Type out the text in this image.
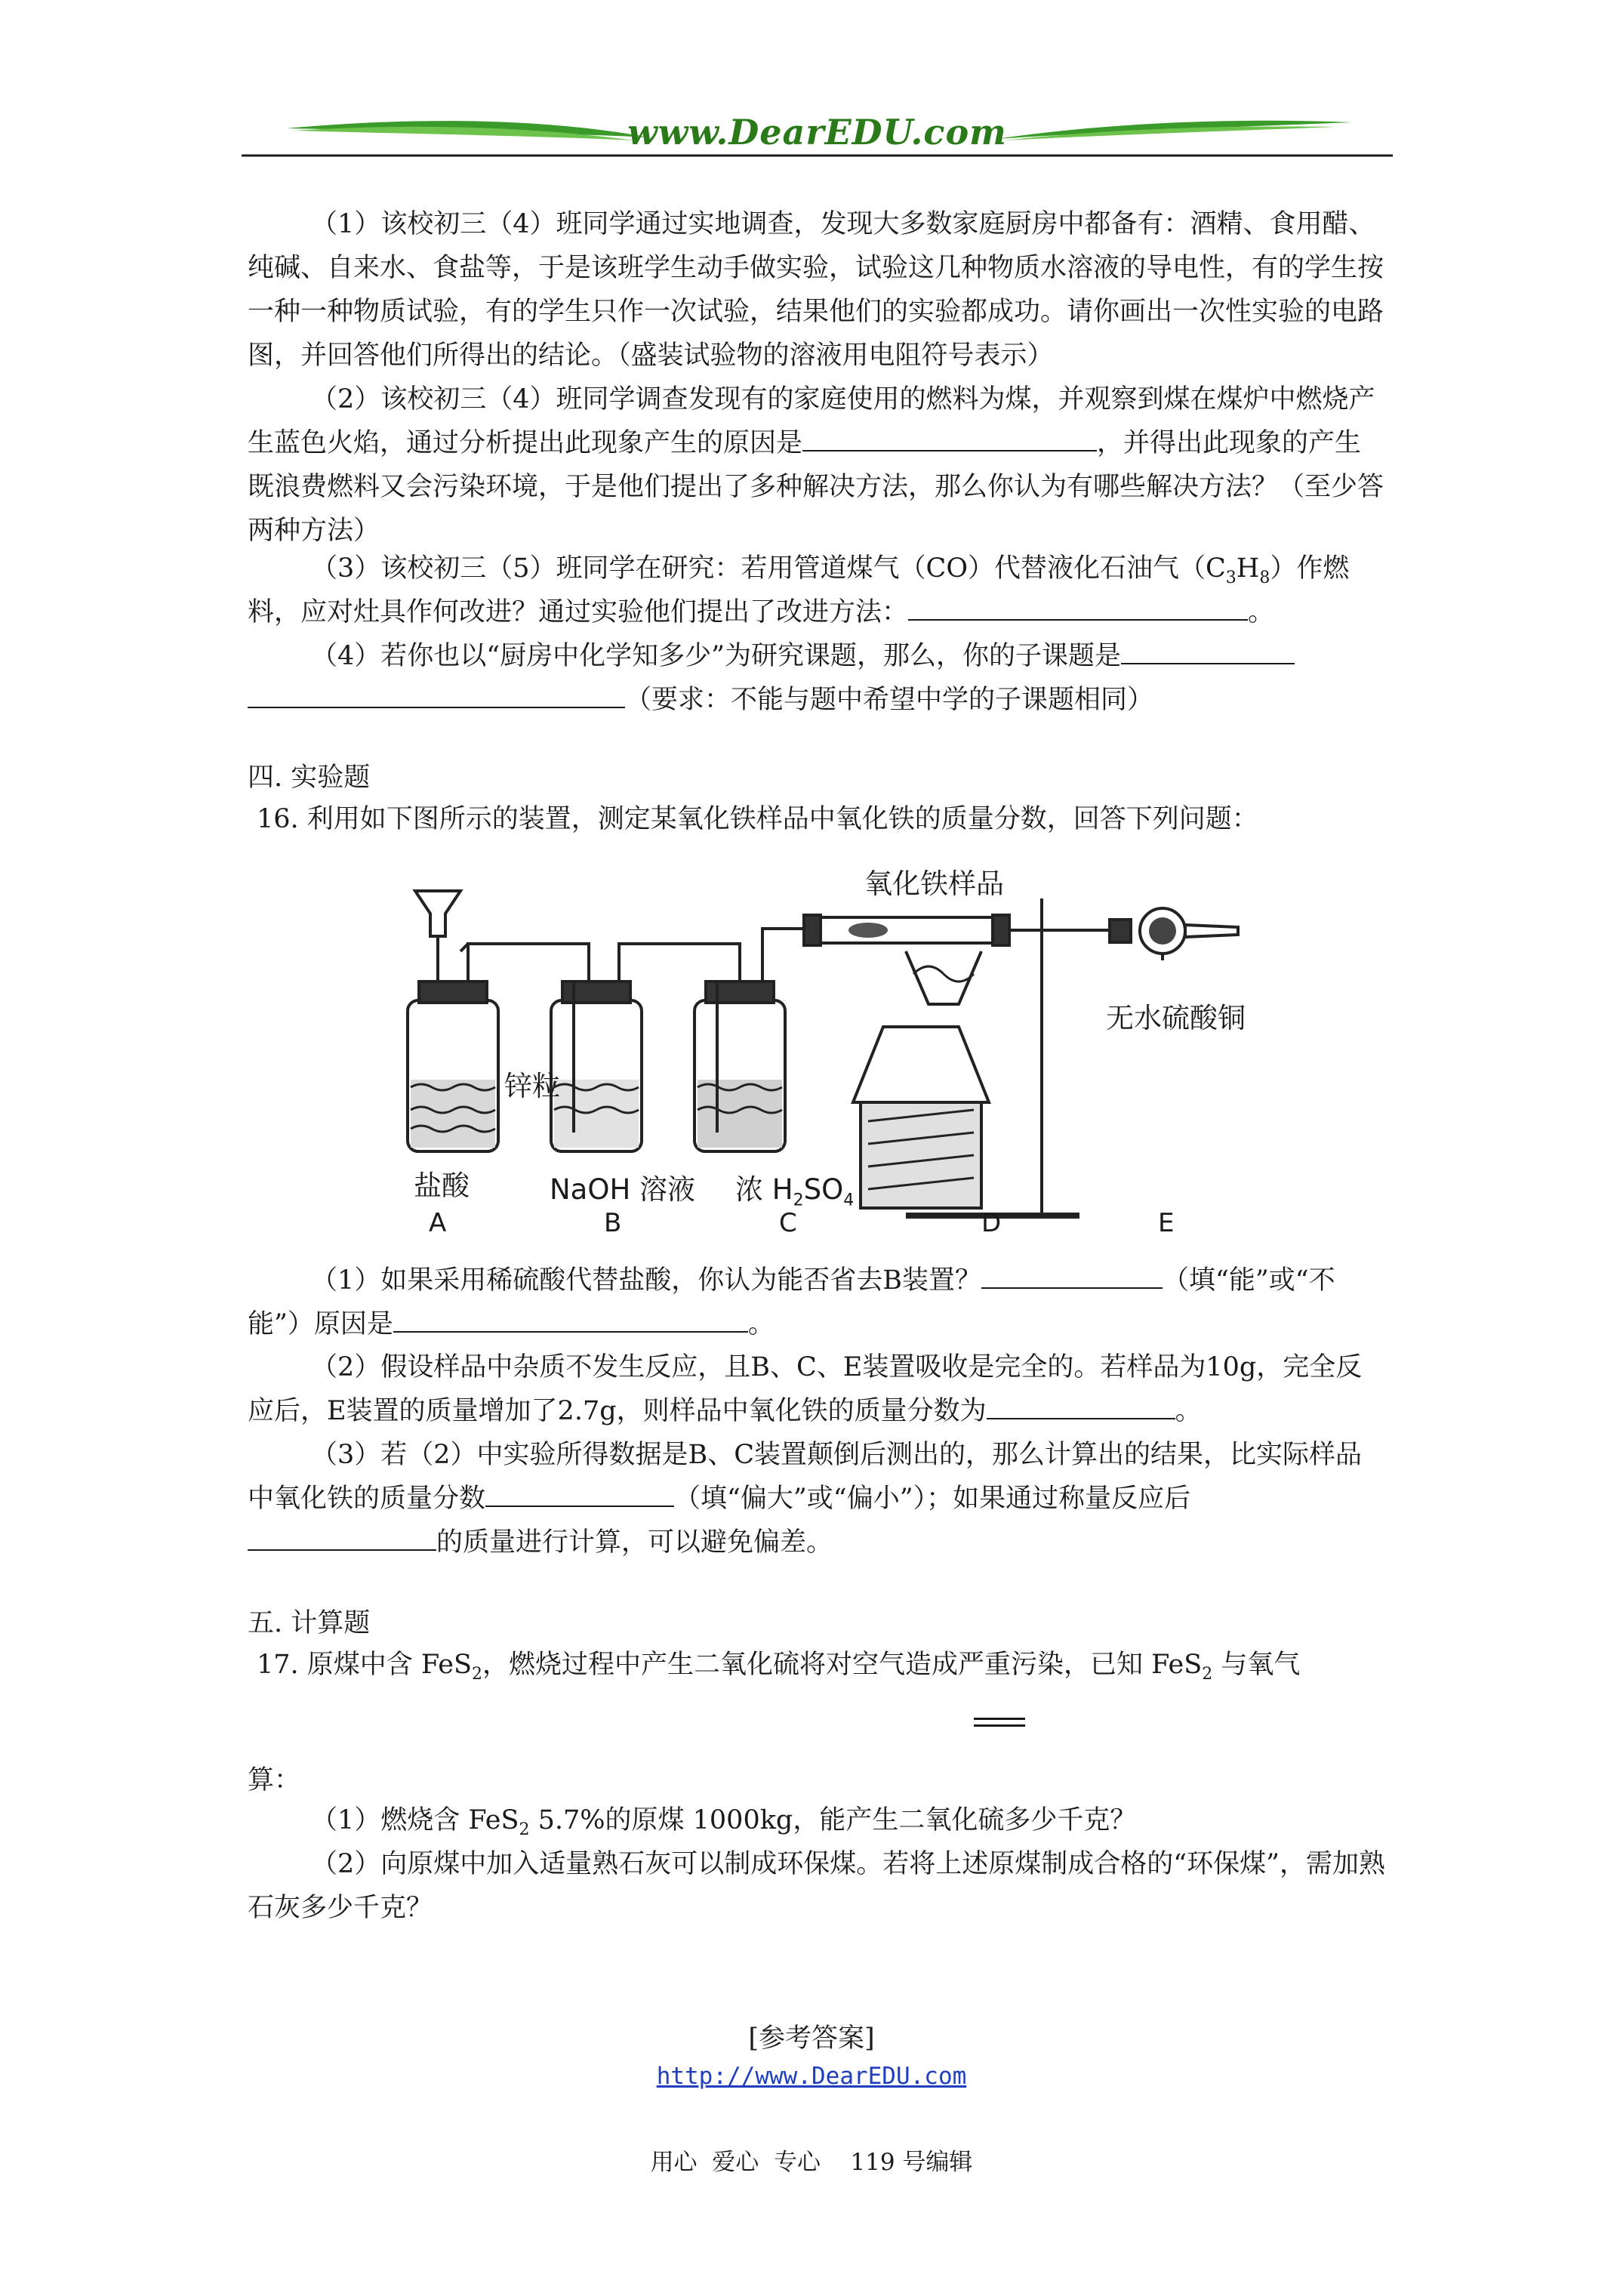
www.DearEDU.com

（1）该校初三（4）班同学通过实地调查，发现大多数家庭厨房中都备有：酒精、食用醋、纯碱、自来水、食盐等，于是该班学生动手做实验，试验这几种物质水溶液的导电性，有的学生按一种一种物质试验，有的学生只作一次试验，结果他们的实验都成功。请你画出一次性实验的电路图，并回答他们所得出的结论。（盛装试验物的溶液用电阻符号表示）

（2）该校初三（4）班同学调查发现有的家庭使用的燃料为煤，并观察到煤在煤炉中燃烧产生蓝色火焰，通过分析提出此现象产生的原因是	，并得出此现象的产生既浪费燃料又会污染环境，于是他们提出了多种解决方法，那么你认为有哪些解决方法？（至少答两种方法）

（3）该校初三（5）班同学在研究：若用管道煤气（CO）代替液化石油气$(C_3H_8)$作燃料，应对灶具作何改进？通过实验他们提出了改进方法：	。

（4）若你也以“厨房中化学知多少”为研究课题，那么，你的子课题是
（要求：不能与题中希望中学的子课题相同）

四. 实验题
16. 利用如下图所示的装置，测定某氧化铁样品中氧化铁的质量分数，回答下列问题：
氧化铁样品
无水硫酸铜
锌粒
盐酸	NaOH 溶液 浓 $H_2SO_4$
A	B	C	D	E

（1）如果采用稀硫酸代替盐酸，你认为能否省去B装置？	（填“能”或“不能”）原因是	。

（2）假设样品中杂质不发生反应，且B、C、E装置吸收是完全的。若样品为10g，完全反应后，E装置的质量增加了2.7g，则样品中氧化铁的质量分数为	。

（3）若（2）中实验所得数据是B、C装置颠倒后测出的，那么计算出的结果，比实际样品中氧化铁的质量分数	（填“偏大”或“偏小”）；如果通过称量反应后
的质量进行计算，可以避免偏差。

五. 计算题
17. 原煤中含 FeS$_2$，燃烧过程中产生二氧化硫将对空气造成严重污染，已知 FeS$_2$ 与氧气
算：

（1）燃烧含 FeS$_2$ 5.7%的原煤 1000kg，能产生二氧化硫多少千克？

（2）向原煤中加入适量熟石灰可以制成环保煤。若将上述原煤制成合格的“环保煤”，需加熟石灰多少千克？

[参考答案]
http://www.DearEDU.com
用心  爱心  专心    119 号编辑
